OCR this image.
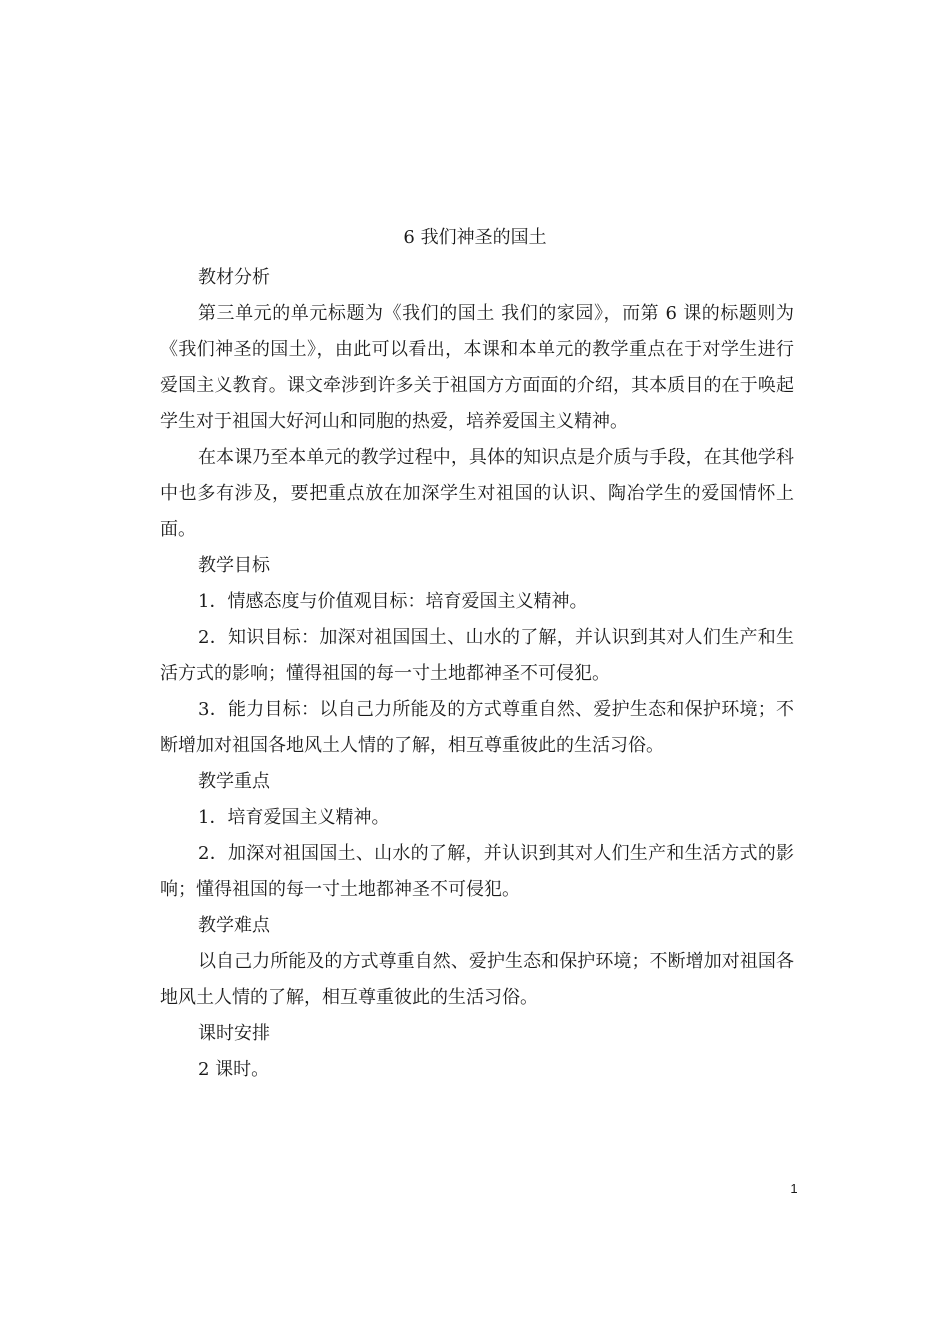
6 我们神圣的国土

教材分析

第三单元的单元标题为《我们的国土 我们的家园》，而第 6 课的标题则为《我们神圣的国土》，由此可以看出，本课和本单元的教学重点在于对学生进行爱国主义教育。课文牵涉到许多关于祖国方方面面的介绍，其本质目的在于唤起学生对于祖国大好河山和同胞的热爱，培养爱国主义精神。

在本课乃至本单元的教学过程中，具体的知识点是介质与手段，在其他学科中也多有涉及，要把重点放在加深学生对祖国的认识、陶冶学生的爱国情怀上面。

教学目标

1．情感态度与价值观目标：培育爱国主义精神。

2．知识目标：加深对祖国国土、山水的了解，并认识到其对人们生产和生活方式的影响；懂得祖国的每一寸土地都神圣不可侵犯。

3．能力目标：以自己力所能及的方式尊重自然、爱护生态和保护环境；不断增加对祖国各地风土人情的了解，相互尊重彼此的生活习俗。

教学重点

1．培育爱国主义精神。

2．加深对祖国国土、山水的了解，并认识到其对人们生产和生活方式的影响；懂得祖国的每一寸土地都神圣不可侵犯。

教学难点

以自己力所能及的方式尊重自然、爱护生态和保护环境；不断增加对祖国各地风土人情的了解，相互尊重彼此的生活习俗。

课时安排

2 课时。

1
